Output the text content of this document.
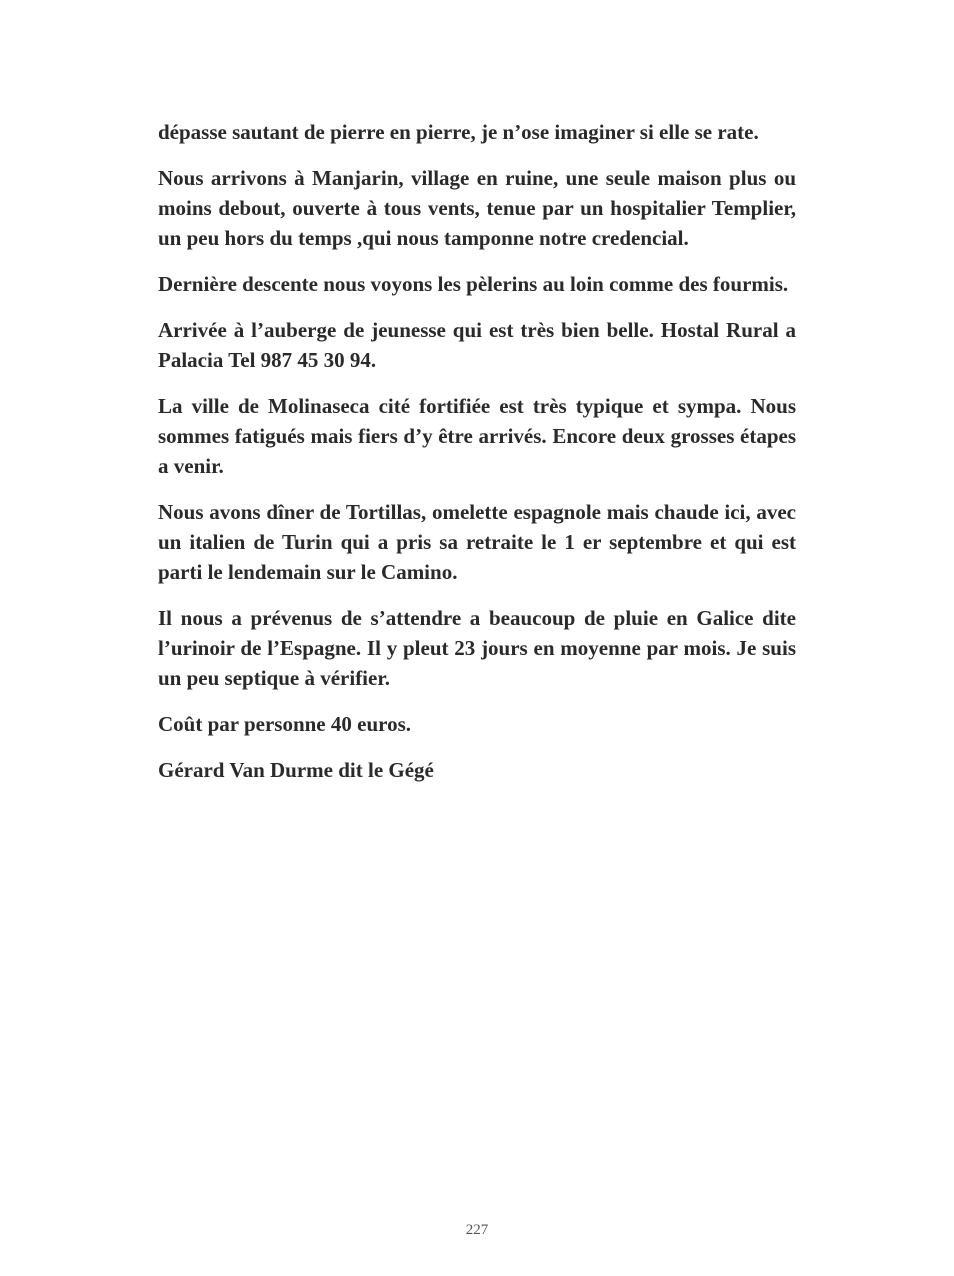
dépasse sautant de pierre en pierre, je n’ose imaginer si elle se rate.

Nous arrivons à Manjarin, village en ruine, une seule maison plus ou moins debout, ouverte à tous vents, tenue par un hospitalier Templier, un peu hors du temps ,qui nous tamponne notre credencial.

Dernière descente nous voyons les pèlerins au loin comme des fourmis.

Arrivée à l’auberge de jeunesse qui est très bien belle. Hostal Rural a Palacia Tel 987 45 30 94.

La ville de Molinaseca cité fortifiée est très typique et sympa. Nous sommes fatigués mais fiers d’y être arrivés. Encore deux grosses étapes a venir.

Nous avons dîner de Tortillas, omelette espagnole mais chaude ici, avec un italien de Turin qui a pris sa retraite le 1 er septembre et qui est parti le lendemain sur le Camino.

Il nous a prévenus de s’attendre a beaucoup de pluie en Galice dite l’urinoir de l’Espagne. Il y pleut 23 jours en moyenne par mois. Je suis un peu septique à vérifier.

Coût par personne 40 euros.

Gérard Van Durme dit le Gégé

227
